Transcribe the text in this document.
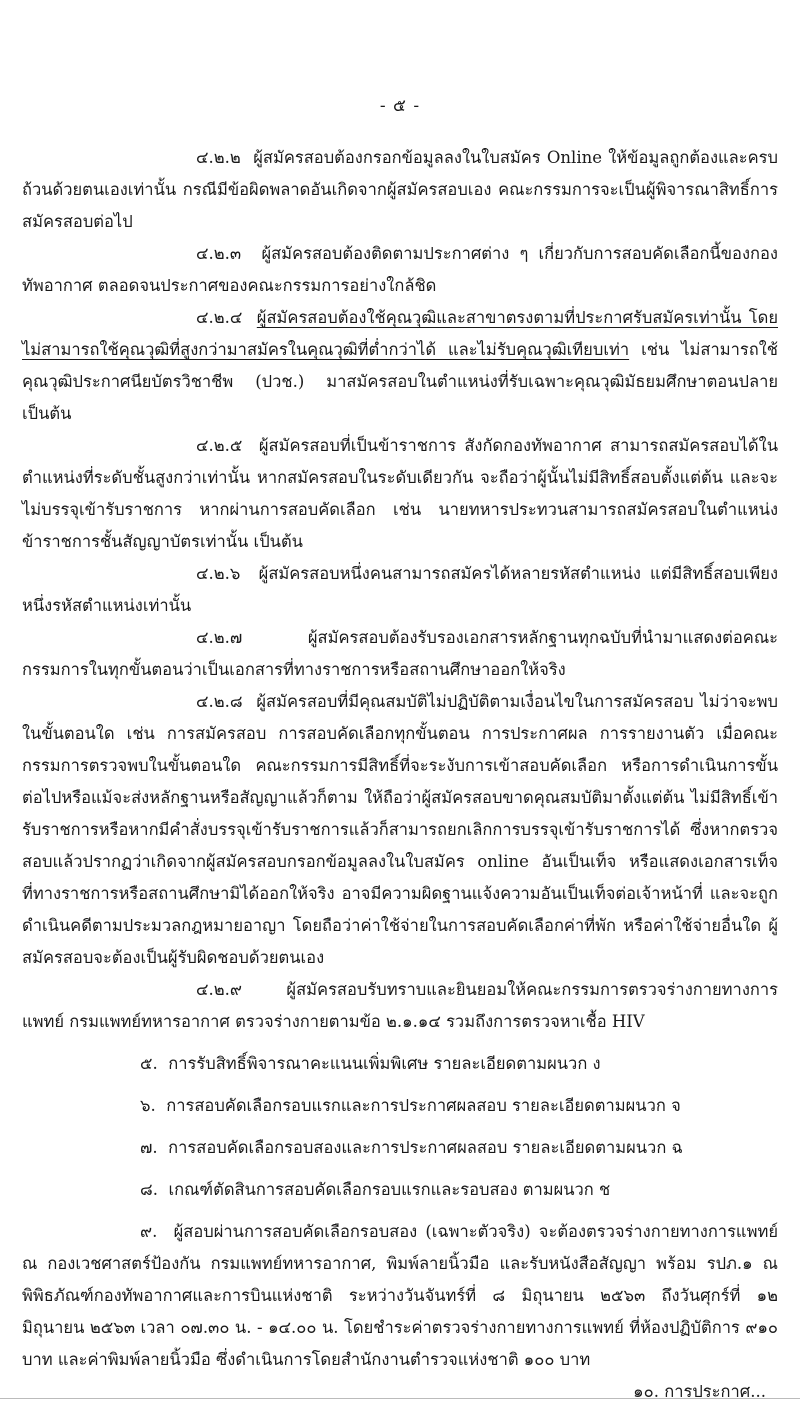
- ๕ -

๔.๒.๒ ผู้สมัครสอบต้องกรอกข้อมูลลงในใบสมัคร Online ให้ข้อมูลถูกต้องและครบถ้วนด้วยตนเองเท่านั้น กรณีมีข้อผิดพลาดอันเกิดจากผู้สมัครสอบเอง คณะกรรมการจะเป็นผู้พิจารณาสิทธิ์การสมัครสอบต่อไป

๔.๒.๓ ผู้สมัครสอบต้องติดตามประกาศต่าง ๆ เกี่ยวกับการสอบคัดเลือกนี้ของกองทัพอากาศ ตลอดจนประกาศของคณะกรรมการอย่างใกล้ชิด

๔.๒.๔ ผู้สมัครสอบต้องใช้คุณวุฒิและสาขาตรงตามที่ประกาศรับสมัครเท่านั้น โดยไม่สามารถใช้คุณวุฒิที่สูงกว่ามาสมัครในคุณวุฒิที่ต่ำกว่าได้ และไม่รับคุณวุฒิเทียบเท่า เช่น ไม่สามารถใช้คุณวุฒิประกาศนียบัตรวิชาชีพ (ปวช.) มาสมัครสอบในตำแหน่งที่รับเฉพาะคุณวุฒิมัธยมศึกษาตอนปลาย เป็นต้น

๔.๒.๕ ผู้สมัครสอบที่เป็นข้าราชการ สังกัดกองทัพอากาศ สามารถสมัครสอบได้ในตำแหน่งที่ระดับชั้นสูงกว่าเท่านั้น หากสมัครสอบในระดับเดียวกัน จะถือว่าผู้นั้นไม่มีสิทธิ์สอบตั้งแต่ต้น และจะไม่บรรจุเข้ารับราชการ หากผ่านการสอบคัดเลือก เช่น นายทหารประทวนสามารถสมัครสอบในตำแหน่งข้าราชการชั้นสัญญาบัตรเท่านั้น เป็นต้น

๔.๒.๖ ผู้สมัครสอบหนึ่งคนสามารถสมัครได้หลายรหัสตำแหน่ง แต่มีสิทธิ์สอบเพียงหนึ่งรหัสตำแหน่งเท่านั้น

๔.๒.๗	ผู้สมัครสอบต้องรับรองเอกสารหลักฐานทุกฉบับที่นำมาแสดงต่อคณะกรรมการในทุกขั้นตอนว่าเป็นเอกสารที่ทางราชการหรือสถานศึกษาออกให้จริง

๔.๒.๘ ผู้สมัครสอบที่มีคุณสมบัติไม่ปฏิบัติตามเงื่อนไขในการสมัครสอบ ไม่ว่าจะพบในขั้นตอนใด เช่น การสมัครสอบ การสอบคัดเลือกทุกขั้นตอน การประกาศผล การรายงานตัว เมื่อคณะกรรมการตรวจพบในขั้นตอนใด คณะกรรมการมีสิทธิ์ที่จะระงับการเข้าสอบคัดเลือก หรือการดำเนินการขั้นต่อไปหรือแม้จะส่งหลักฐานหรือสัญญาแล้วก็ตาม ให้ถือว่าผู้สมัครสอบขาดคุณสมบัติมาตั้งแต่ต้น ไม่มีสิทธิ์เข้ารับราชการหรือหากมีคำสั่งบรรจุเข้ารับราชการแล้วก็สามารถยกเลิกการบรรจุเข้ารับราชการได้ ซึ่งหากตรวจสอบแล้วปรากฏว่าเกิดจากผู้สมัครสอบกรอกข้อมูลลงในใบสมัคร online อันเป็นเท็จ หรือแสดงเอกสารเท็จที่ทางราชการหรือสถานศึกษามิได้ออกให้จริง อาจมีความผิดฐานแจ้งความอันเป็นเท็จต่อเจ้าหน้าที่ และจะถูกดำเนินคดีตามประมวลกฎหมายอาญา โดยถือว่าค่าใช้จ่ายในการสอบคัดเลือกค่าที่พัก หรือค่าใช้จ่ายอื่นใด ผู้สมัครสอบจะต้องเป็นผู้รับผิดชอบด้วยตนเอง

๔.๒.๙	ผู้สมัครสอบรับทราบและยินยอมให้คณะกรรมการตรวจร่างกายทางการแพทย์ กรมแพทย์ทหารอากาศ ตรวจร่างกายตามข้อ ๒.๑.๑๔ รวมถึงการตรวจหาเชื้อ HIV

๕. การรับสิทธิ์พิจารณาคะแนนเพิ่มพิเศษ รายละเอียดตามผนวก ง
๖. การสอบคัดเลือกรอบแรกและการประกาศผลสอบ รายละเอียดตามผนวก จ
๗. การสอบคัดเลือกรอบสองและการประกาศผลสอบ รายละเอียดตามผนวก ฉ
๘. เกณฑ์ตัดสินการสอบคัดเลือกรอบแรกและรอบสอง ตามผนวก ช

๙. ผู้สอบผ่านการสอบคัดเลือกรอบสอง (เฉพาะตัวจริง) จะต้องตรวจร่างกายทางการแพทย์ ณ กองเวชศาสตร์ป้องกัน กรมแพทย์ทหารอากาศ, พิมพ์ลายนิ้วมือ และรับหนังสือสัญญา พร้อม รปภ.๑ ณ พิพิธภัณฑ์กองทัพอากาศและการบินแห่งชาติ ระหว่างวันจันทร์ที่ ๘ มิถุนายน ๒๕๖๓ ถึงวันศุกร์ที่ ๑๒ มิถุนายน ๒๕๖๓ เวลา ๐๗.๓๐ น. - ๑๔.๐๐ น. โดยชำระค่าตรวจร่างกายทางการแพทย์ ที่ห้องปฏิบัติการ ๙๑๐ บาท และค่าพิมพ์ลายนิ้วมือ ซึ่งดำเนินการโดยสำนักงานตำรวจแห่งชาติ ๑๐๐ บาท

๑๐. การประกาศ...
